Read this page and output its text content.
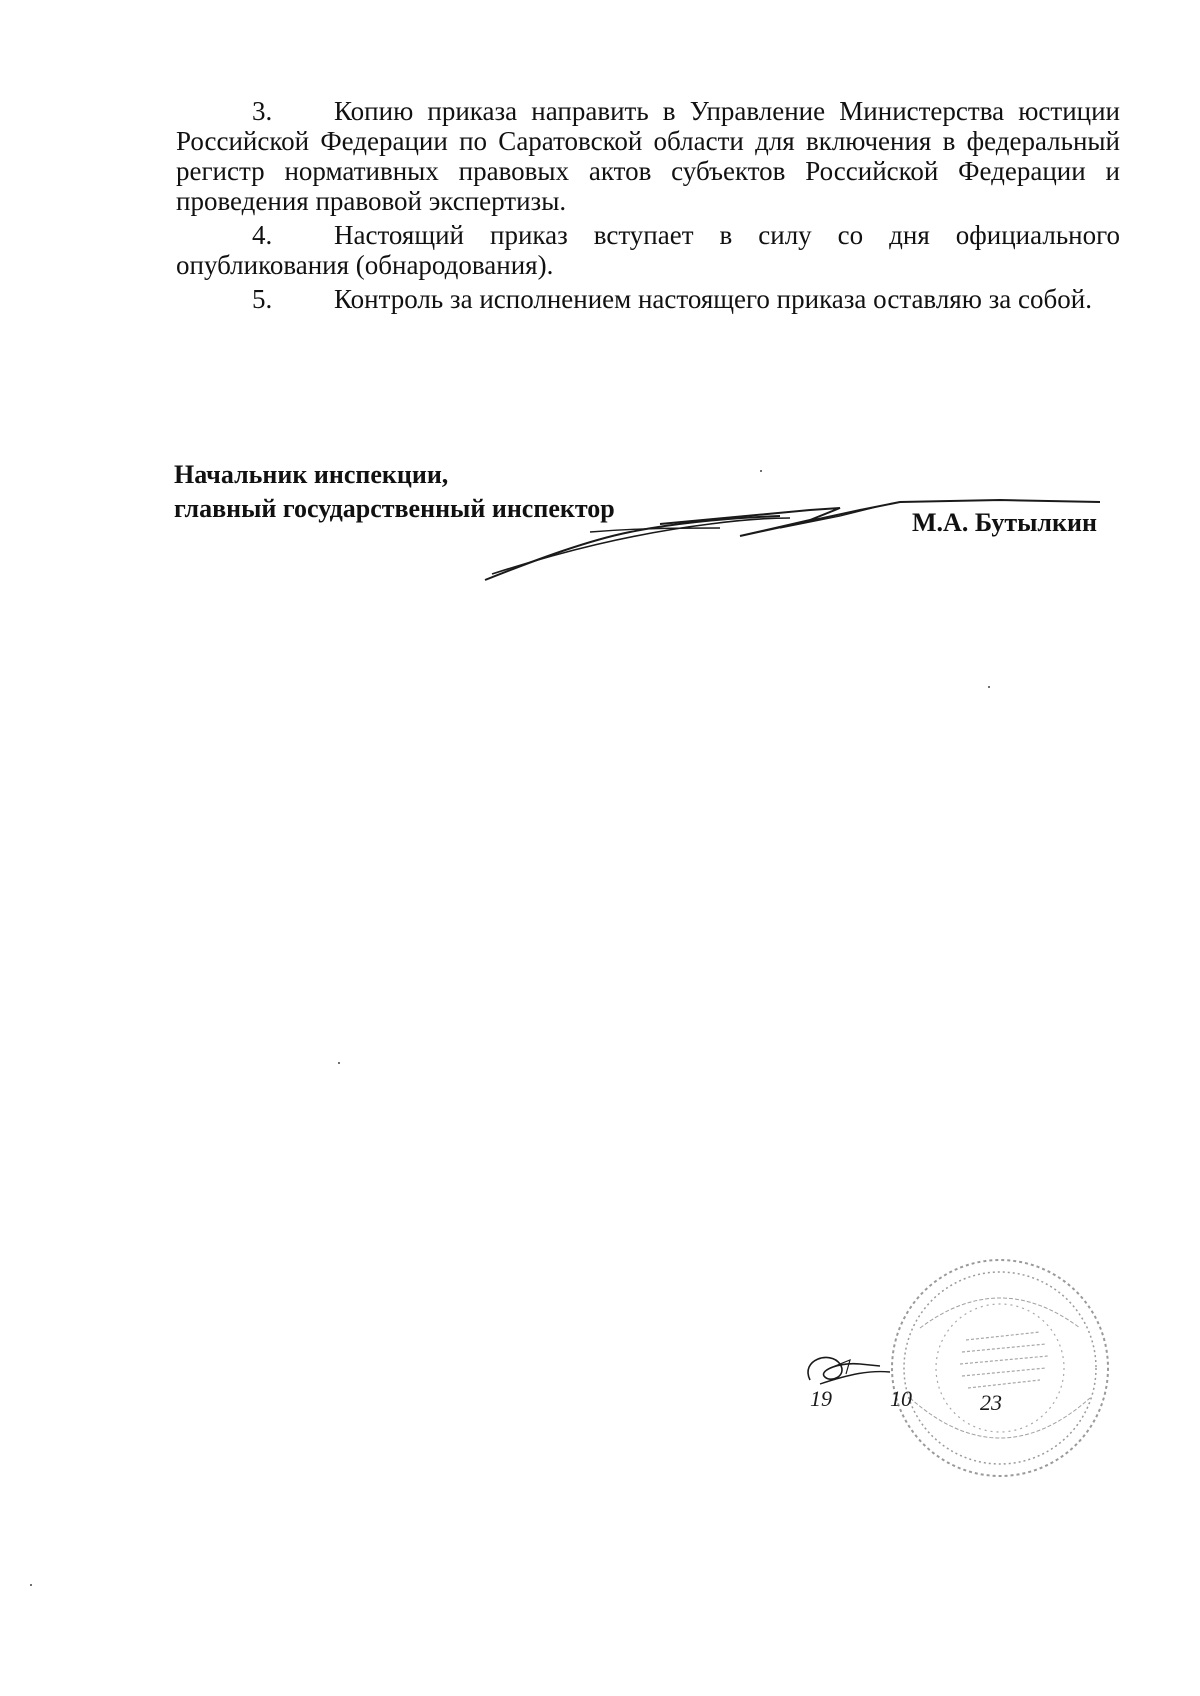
3. Копию приказа направить в Управление Министерства юстиции Российской Федерации по Саратовской области для включения в федеральный регистр нормативных правовых актов субъектов Российской Федерации и проведения правовой экспертизы.

4. Настоящий приказ вступает в силу со дня официального опубликования (обнародования).

5. Контроль за исполнением настоящего приказа оставляю за собой.

Начальник инспекции,
главный государственный инспектор	М.А. Бутылкин
19	10	23
